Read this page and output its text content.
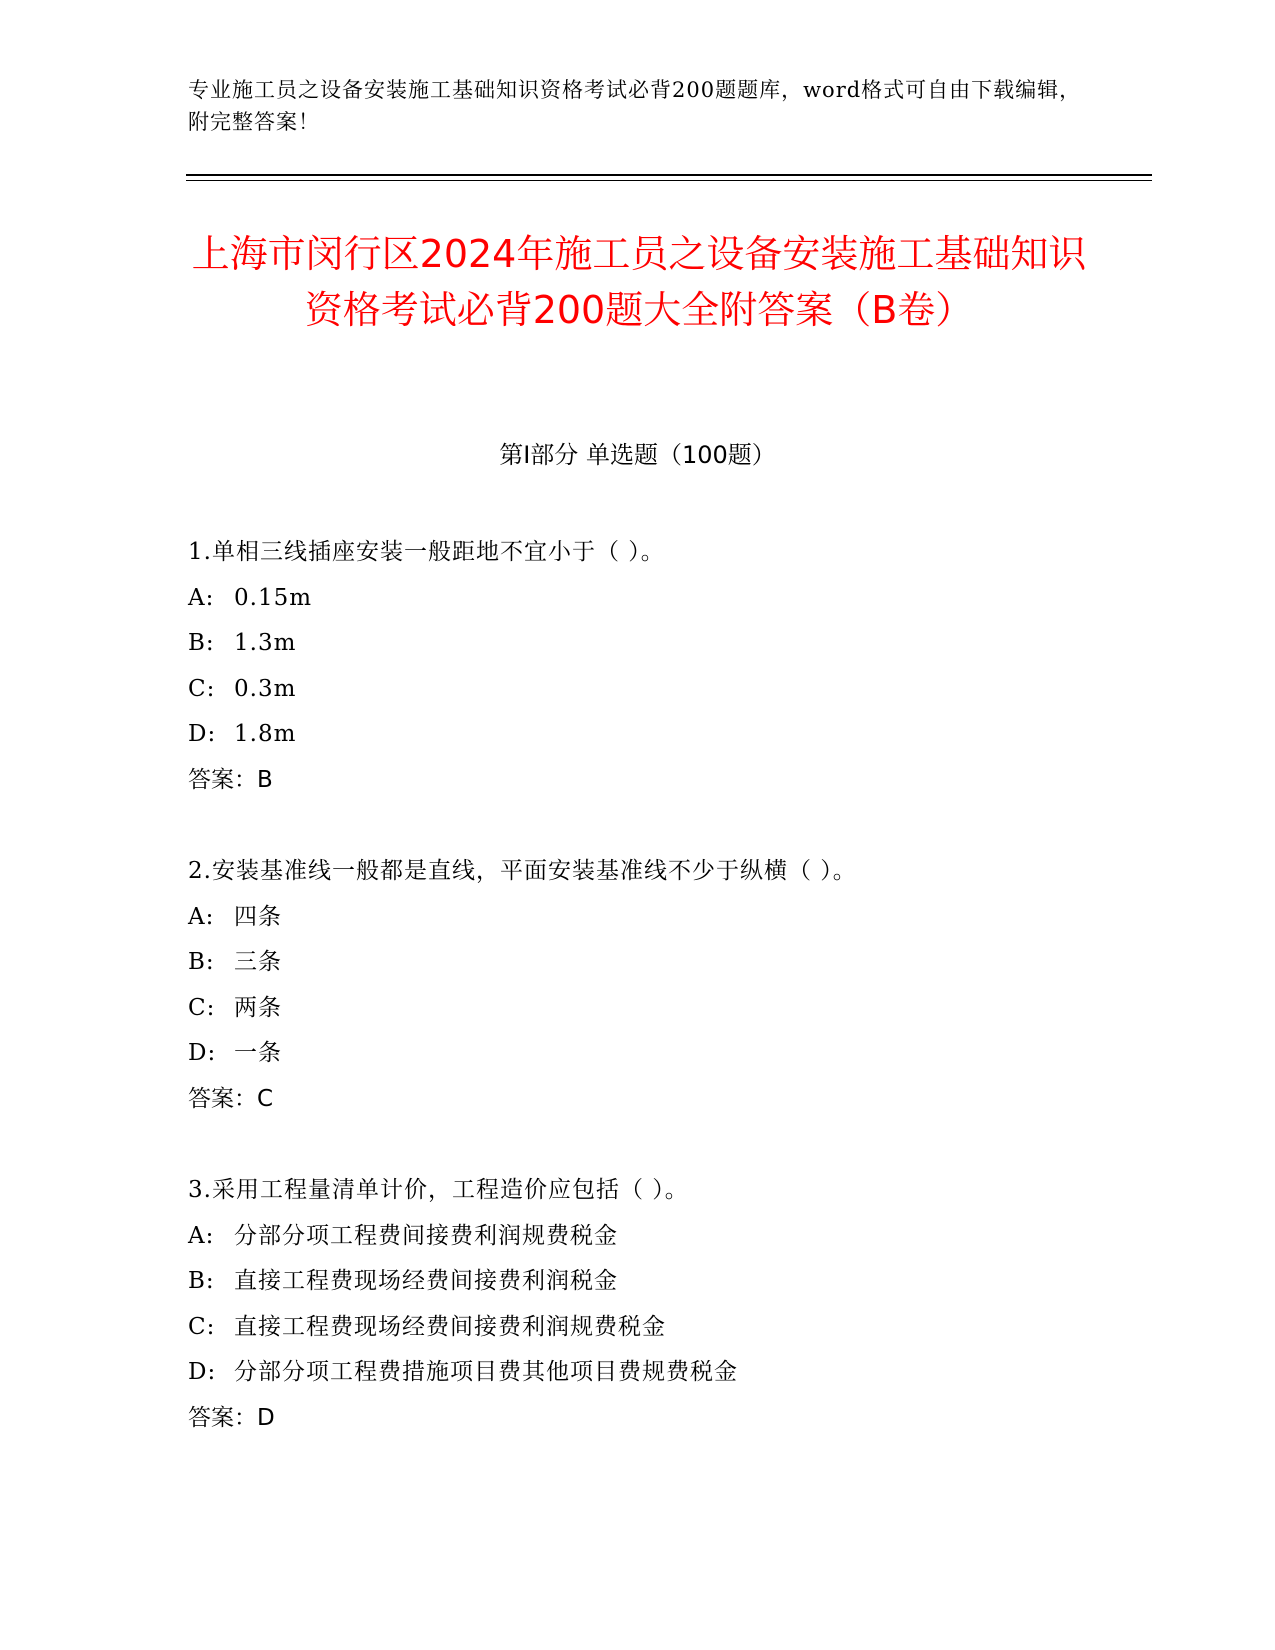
专业施工员之设备安装施工基础知识资格考试必背200题题库，word格式可自由下载编辑，附完整答案！
上海市闵行区2024年施工员之设备安装施工基础知识资格考试必背200题大全附答案（B卷）
第I部分 单选题（100题）
1.单相三线插座安装一般距地不宜小于（ ）。
A: 0.15m
B: 1.3m
C: 0.3m
D: 1.8m
答案：B
2.安装基准线一般都是直线，平面安装基准线不少于纵横（ ）。
A: 四条
B: 三条
C: 两条
D: 一条
答案：C
3.采用工程量清单计价，工程造价应包括（ ）。
A: 分部分项工程费间接费利润规费税金
B: 直接工程费现场经费间接费利润税金
C: 直接工程费现场经费间接费利润规费税金
D: 分部分项工程费措施项目费其他项目费规费税金
答案：D
